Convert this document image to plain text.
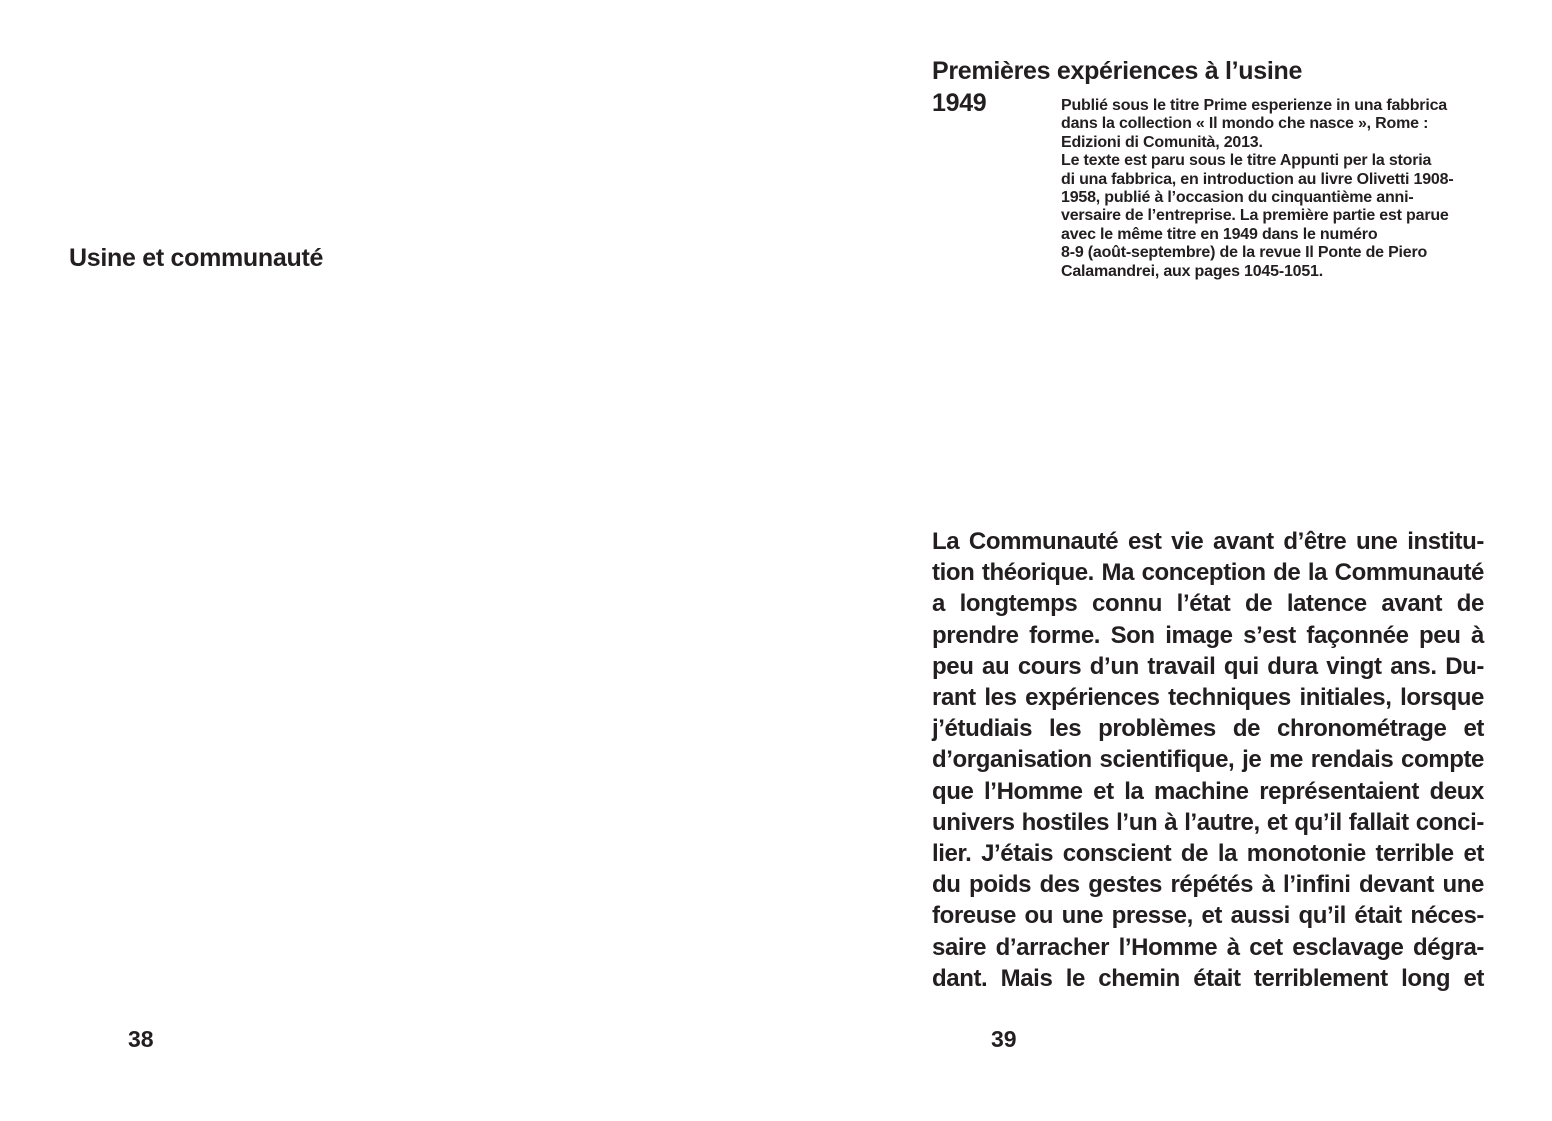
Usine et communauté
38
Premières expériences à l’usine
1949	Publié sous le titre Prime esperienze in una fabbrica
dans la collection « Il mondo che nasce », Rome :
Edizioni di Comunità, 2013.
Le texte est paru sous le titre Appunti per la storia
di una fabbrica, en introduction au livre Olivetti 1908-
1958, publié à l’occasion du cinquantième anni-
versaire de l’entreprise. La première partie est parue
avec le même titre en 1949 dans le numéro
8-9 (août-septembre) de la revue Il Ponte de Piero
Calamandrei, aux pages 1045-1051.
La Communauté est vie avant d’être une institu-
tion théorique. Ma conception de la Communauté
a longtemps connu l’état de latence avant de
prendre forme. Son image s’est façonnée peu à
peu au cours d’un travail qui dura vingt ans. Du-
rant les expériences techniques initiales, lorsque
j’étudiais les problèmes de chronométrage et
d’organisation scientifique, je me rendais compte
que l’Homme et la machine représentaient deux
univers hostiles l’un à l’autre, et qu’il fallait conci-
lier. J’étais conscient de la monotonie terrible et
du poids des gestes répétés à l’infini devant une
foreuse ou une presse, et aussi qu’il était néces-
saire d’arracher l’Homme à cet esclavage dégra-
dant. Mais le chemin était terriblement long et
39
